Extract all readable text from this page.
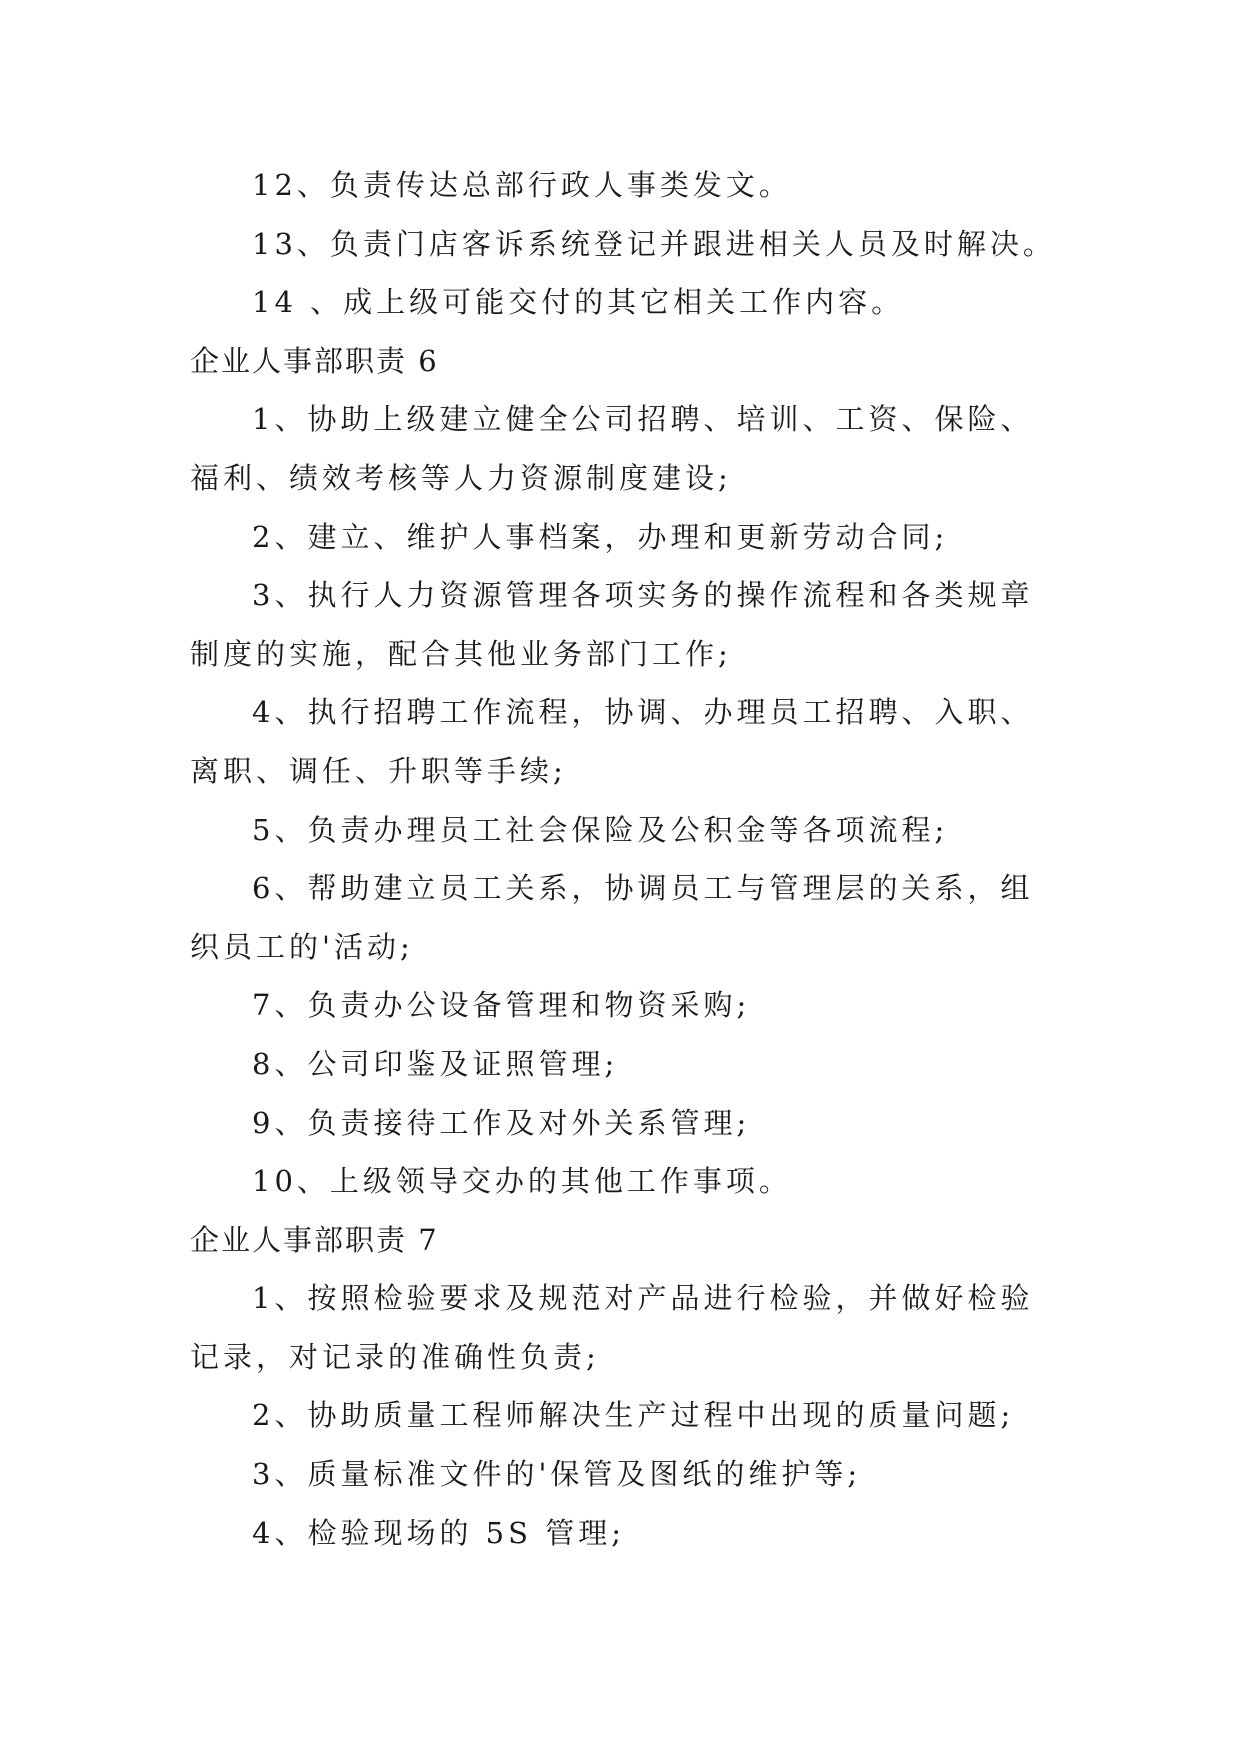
12、负责传达总部行政人事类发文。
13、负责门店客诉系统登记并跟进相关人员及时解决。
14 、成上级可能交付的其它相关工作内容。
企业人事部职责 6
1、协助上级建立健全公司招聘、培训、工资、保险、
福利、绩效考核等人力资源制度建设;
2、建立、维护人事档案，办理和更新劳动合同;
3、执行人力资源管理各项实务的操作流程和各类规章
制度的实施，配合其他业务部门工作;
4、执行招聘工作流程，协调、办理员工招聘、入职、
离职、调任、升职等手续;
5、负责办理员工社会保险及公积金等各项流程;
6、帮助建立员工关系，协调员工与管理层的关系，组
织员工的'活动;
7、负责办公设备管理和物资采购;
8、公司印鉴及证照管理;
9、负责接待工作及对外关系管理;
10、上级领导交办的其他工作事项。
企业人事部职责 7
1、按照检验要求及规范对产品进行检验，并做好检验
记录，对记录的准确性负责;
2、协助质量工程师解决生产过程中出现的质量问题;
3、质量标准文件的'保管及图纸的维护等;
4、检验现场的 5S 管理;
